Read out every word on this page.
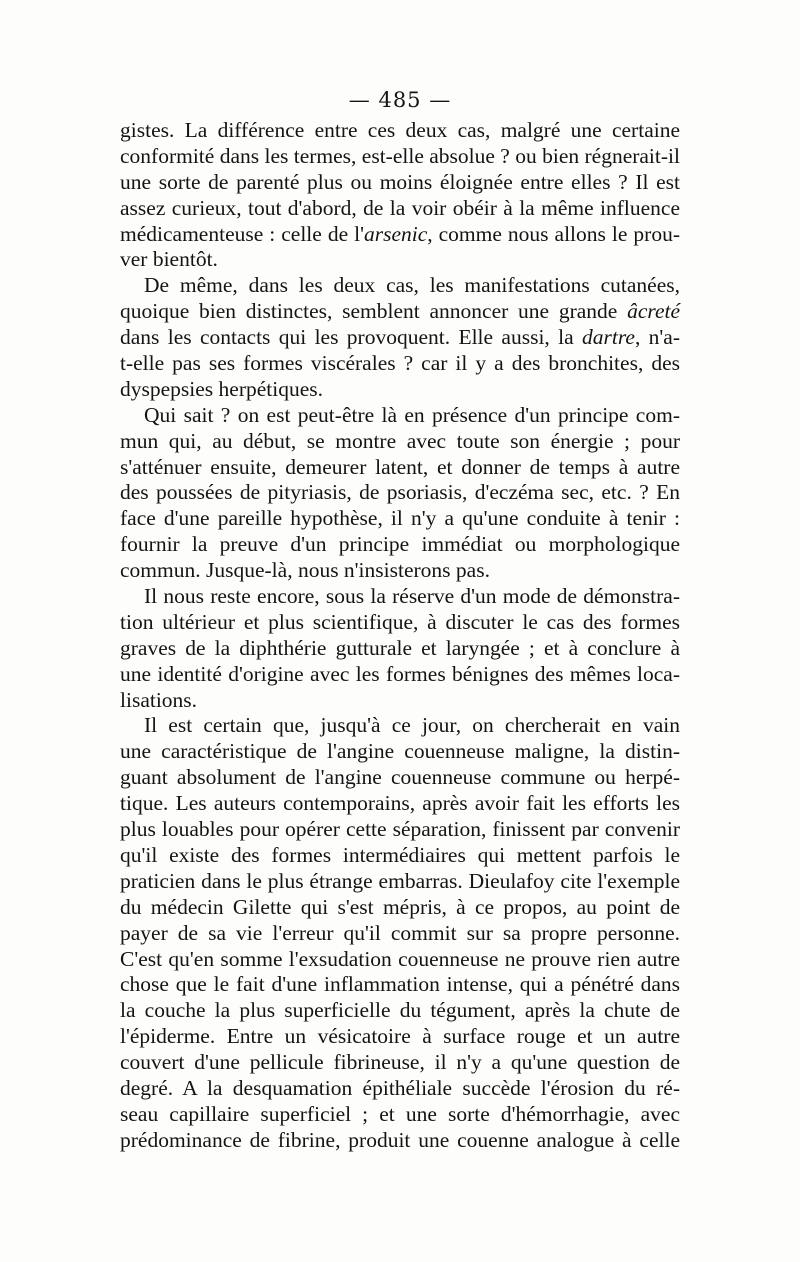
— 485 —
gistes. La différence entre ces deux cas, malgré une certaine
conformité dans les termes, est-elle absolue ? ou bien régnerait-il
une sorte de parenté plus ou moins éloignée entre elles ? Il est
assez curieux, tout d'abord, de la voir obéir à la même influence
médicamenteuse : celle de l'arsenic, comme nous allons le prou-
ver bientôt.
De même, dans les deux cas, les manifestations cutanées,
quoique bien distinctes, semblent annoncer une grande âcreté
dans les contacts qui les provoquent. Elle aussi, la dartre, n'a-
t-elle pas ses formes viscérales ? car il y a des bronchites, des
dyspepsies herpétiques.
Qui sait ? on est peut-être là en présence d'un principe com-
mun qui, au début, se montre avec toute son énergie ; pour
s'atténuer ensuite, demeurer latent, et donner de temps à autre
des poussées de pityriasis, de psoriasis, d'eczéma sec, etc. ? En
face d'une pareille hypothèse, il n'y a qu'une conduite à tenir :
fournir la preuve d'un principe immédiat ou morphologique
commun. Jusque-là, nous n'insisterons pas.
Il nous reste encore, sous la réserve d'un mode de démonstra-
tion ultérieur et plus scientifique, à discuter le cas des formes
graves de la diphthérie gutturale et laryngée ; et à conclure à
une identité d'origine avec les formes bénignes des mêmes loca-
lisations.
Il est certain que, jusqu'à ce jour, on chercherait en vain
une caractéristique de l'angine couenneuse maligne, la distin-
guant absolument de l'angine couenneuse commune ou herpé-
tique. Les auteurs contemporains, après avoir fait les efforts les
plus louables pour opérer cette séparation, finissent par convenir
qu'il existe des formes intermédiaires qui mettent parfois le
praticien dans le plus étrange embarras. Dieulafoy cite l'exemple
du médecin Gilette qui s'est mépris, à ce propos, au point de
payer de sa vie l'erreur qu'il commit sur sa propre personne.
C'est qu'en somme l'exsudation couenneuse ne prouve rien autre
chose que le fait d'une inflammation intense, qui a pénétré dans
la couche la plus superficielle du tégument, après la chute de
l'épiderme. Entre un vésicatoire à surface rouge et un autre
couvert d'une pellicule fibrineuse, il n'y a qu'une question de
degré. A la desquamation épithéliale succède l'érosion du ré-
seau capillaire superficiel ; et une sorte d'hémorrhagie, avec
prédominance de fibrine, produit une couenne analogue à celle
